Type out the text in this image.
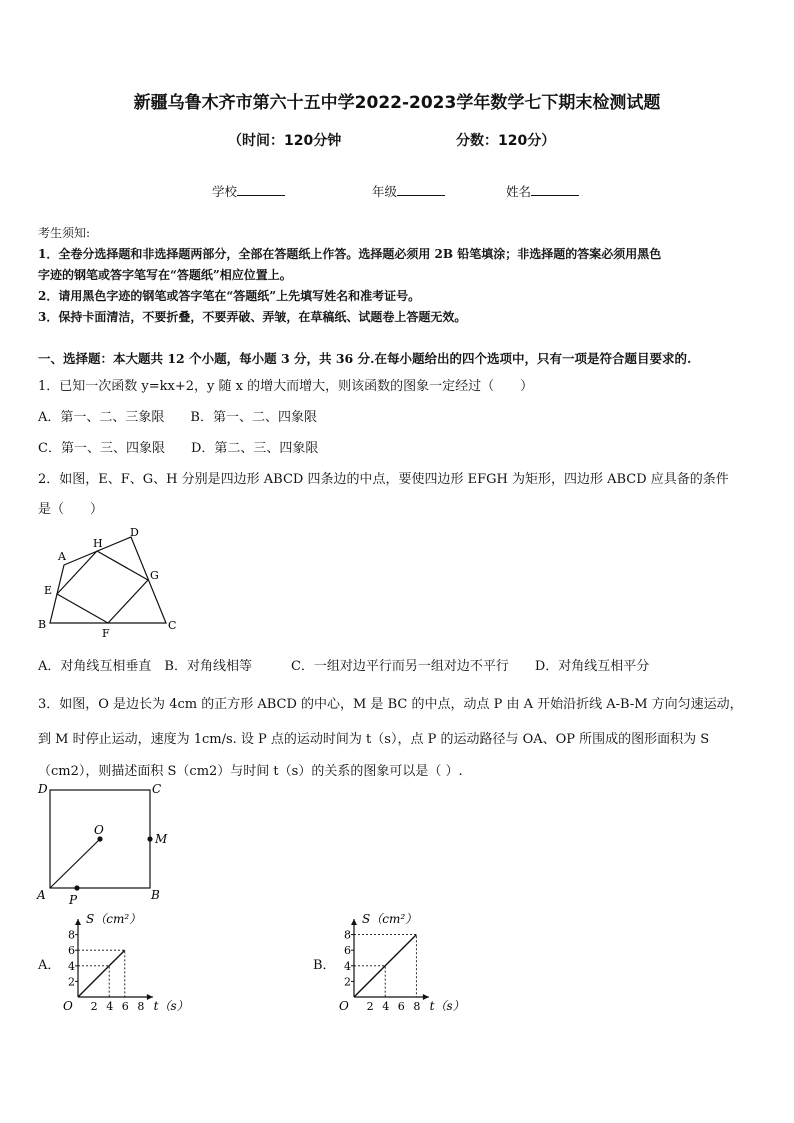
新疆乌鲁木齐市第六十五中学2022-2023学年数学七下期末检测试题
（时间：120分钟	分数：120分）
学校	年级	姓名
考生须知:
1．全卷分选择题和非选择题两部分，全部在答题纸上作答。选择题必须用 2B 铅笔填涂；非选择题的答案必须用黑色
字迹的钢笔或答字笔写在“答题纸”相应位置上。
2．请用黑色字迹的钢笔或答字笔在“答题纸”上先填写姓名和准考证号。
3．保持卡面清洁，不要折叠，不要弄破、弄皱，在草稿纸、试题卷上答题无效。
一、选择题：本大题共 12 个小题，每小题 3 分，共 36 分.在每小题给出的四个选项中，只有一项是符合题目要求的.
1．已知一次函数 y=kx+2，y 随 x 的增大而增大，则该函数的图象一定经过（　　）
A．第一、二、三象限　　B．第一、二、四象限
C．第一、三、四象限　　D．第二、三、四象限
2．如图，E、F、G、H 分别是四边形 ABCD 四条边的中点，要使四边形 EFGH 为矩形，四边形 ABCD 应具备的条件
是（　　）
A
B	C
D
E
F
G
H
A．对角线互相垂直　B．对角线相等　　　C．一组对边平行而另一组对边不平行　　D．对角线互相平分
3．如图，O 是边长为 4cm 的正方形 ABCD 的中心，M 是 BC 的中点，动点 P 由 A 开始沿折线 A-B-M 方向匀速运动，
到 M 时停止运动，速度为 1cm/s. 设 P 点的运动时间为 t（s），点 P 的运动路径与 OA、OP 所围成的图形面积为 S
（cm2），则描述面积 S（cm2）与时间 t（s）的关系的图象可以是（ ）.
D	C
A	B
O
M
P
A．
2
4
6
8
2 4 6 8
O
S（cm²）
t（s）
B．
2
4
6
8
2 4 6 8
O
S（cm²）
t（s）
